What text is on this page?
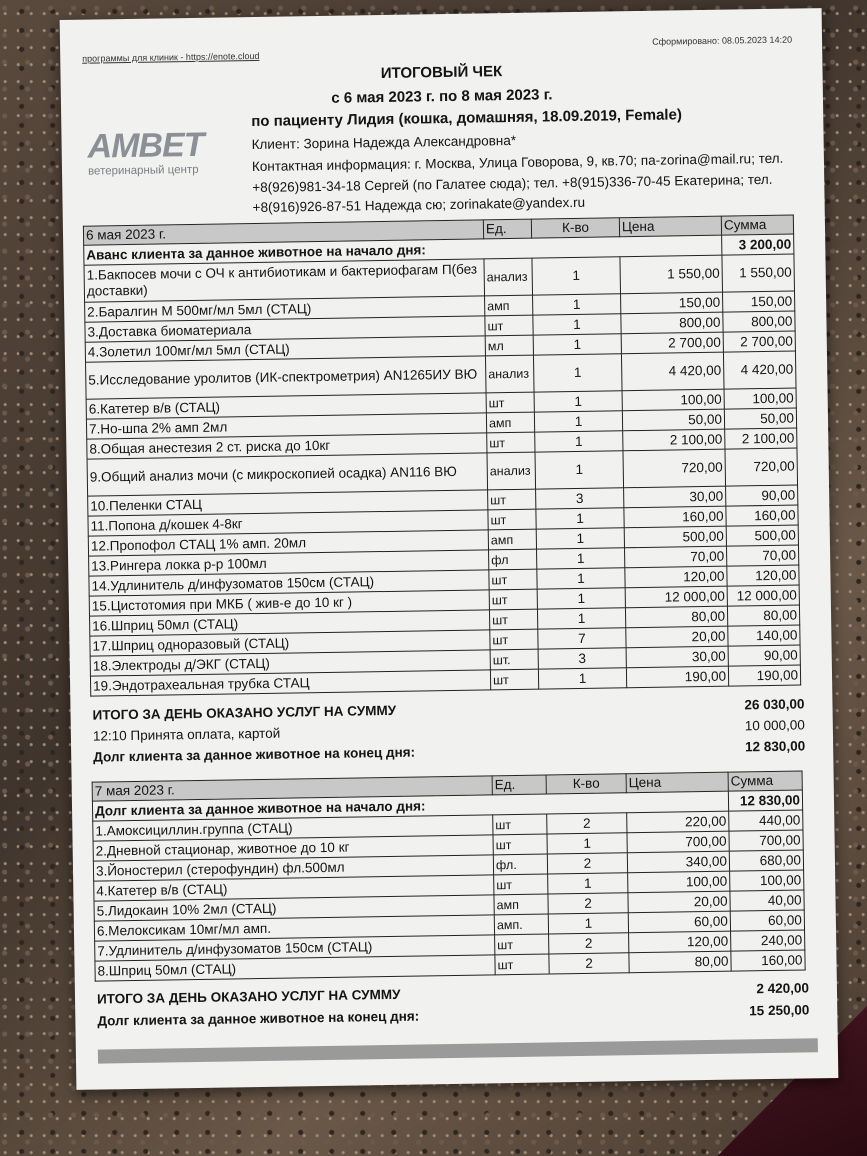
программы для клиник - https://enote.cloud
Сформировано: 08.05.2023 14:20
ИТОГОВЫЙ ЧЕК
с 6 мая 2023 г. по 8 мая 2023 г.
по пациенту Лидия (кошка, домашняя, 18.09.2019, Female)
AMBET
ветеринарный центр
Клиент: Зорина Надежда Александровна*
Контактная информация: г. Москва, Улица Говорова, 9, кв.70; па-zorina@mail.ru; тел. +8(926)981-34-18 Сергей (по Галатее сюда); тел. +8(915)336-70-45 Екатерина; тел. +8(916)926-87-51 Надежда сю; zorinakate@yandex.ru
6 мая 2023 г.	Ед.	К-во	Цена	Сумма
Аванс клиента за данное животное на начало дня:				3 200,00
1.Бакпосев мочи с ОЧ к антибиотикам и бактериофагам П(без доставки)	анализ	1	1 550,00	1 550,00
2.Баралгин М 500мг/мл 5мл (СТАЦ)	амп	1	150,00	150,00
3.Доставка биоматериала	шт	1	800,00	800,00
4.Золетил 100мг/мл 5мл (СТАЦ)	мл	1	2 700,00	2 700,00
5.Исследование уролитов (ИК-спектрометрия) AN1265ИУ ВЮ	анализ	1	4 420,00	4 420,00
6.Катетер в/в (СТАЦ)	шт	1	100,00	100,00
7.Но-шпа 2% амп 2мл	амп	1	50,00	50,00
8.Общая анестезия 2 ст. риска до 10кг	шт	1	2 100,00	2 100,00
9.Общий анализ мочи (с микроскопией осадка) AN116 ВЮ	анализ	1	720,00	720,00
10.Пеленки СТАЦ	шт	3	30,00	90,00
11.Попона д/кошек 4-8кг	шт	1	160,00	160,00
12.Пропофол СТАЦ 1% амп. 20мл	амп	1	500,00	500,00
13.Рингера локка р-р 100мл	фл	1	70,00	70,00
14.Удлинитель д/инфузоматов 150см (СТАЦ)	шт	1	120,00	120,00
15.Цистотомия при МКБ ( жив-е до 10 кг )	шт	1	12 000,00	12 000,00
16.Шприц 50мл (СТАЦ)	шт	1	80,00	80,00
17.Шприц одноразовый (СТАЦ)	шт	7	20,00	140,00
18.Электроды д/ЭКГ (СТАЦ)	шт.	3	30,00	90,00
19.Эндотрахеальная трубка СТАЦ	шт	1	190,00	190,00
ИТОГО ЗА ДЕНЬ ОКАЗАНО УСЛУГ НА СУММУ	26 030,00
12:10 Принята оплата, картой
10 000,00
Долг клиента за данное животное на конец дня:	12 830,00
7 мая 2023 г.	Ед.	К-во	Цена	Сумма
Долг клиента за данное животное на начало дня:				12 830,00
1.Амоксициллин.группа (СТАЦ)	шт	2	220,00	440,00
2.Дневной стационар, животное до 10 кг	шт	1	700,00	700,00
3.Йоностерил (стерофундин) фл.500мл	фл.	2	340,00	680,00
4.Катетер в/в (СТАЦ)	шт	1	100,00	100,00
5.Лидокаин 10% 2мл (СТАЦ)	амп	2	20,00	40,00
6.Мелоксикам 10мг/мл амп.	амп.	1	60,00	60,00
7.Удлинитель д/инфузоматов 150см (СТАЦ)	шт	2	120,00	240,00
8.Шприц 50мл (СТАЦ)	шт	2	80,00	160,00
ИТОГО ЗА ДЕНЬ ОКАЗАНО УСЛУГ НА СУММУ	2 420,00
Долг клиента за данное животное на конец дня:	15 250,00
